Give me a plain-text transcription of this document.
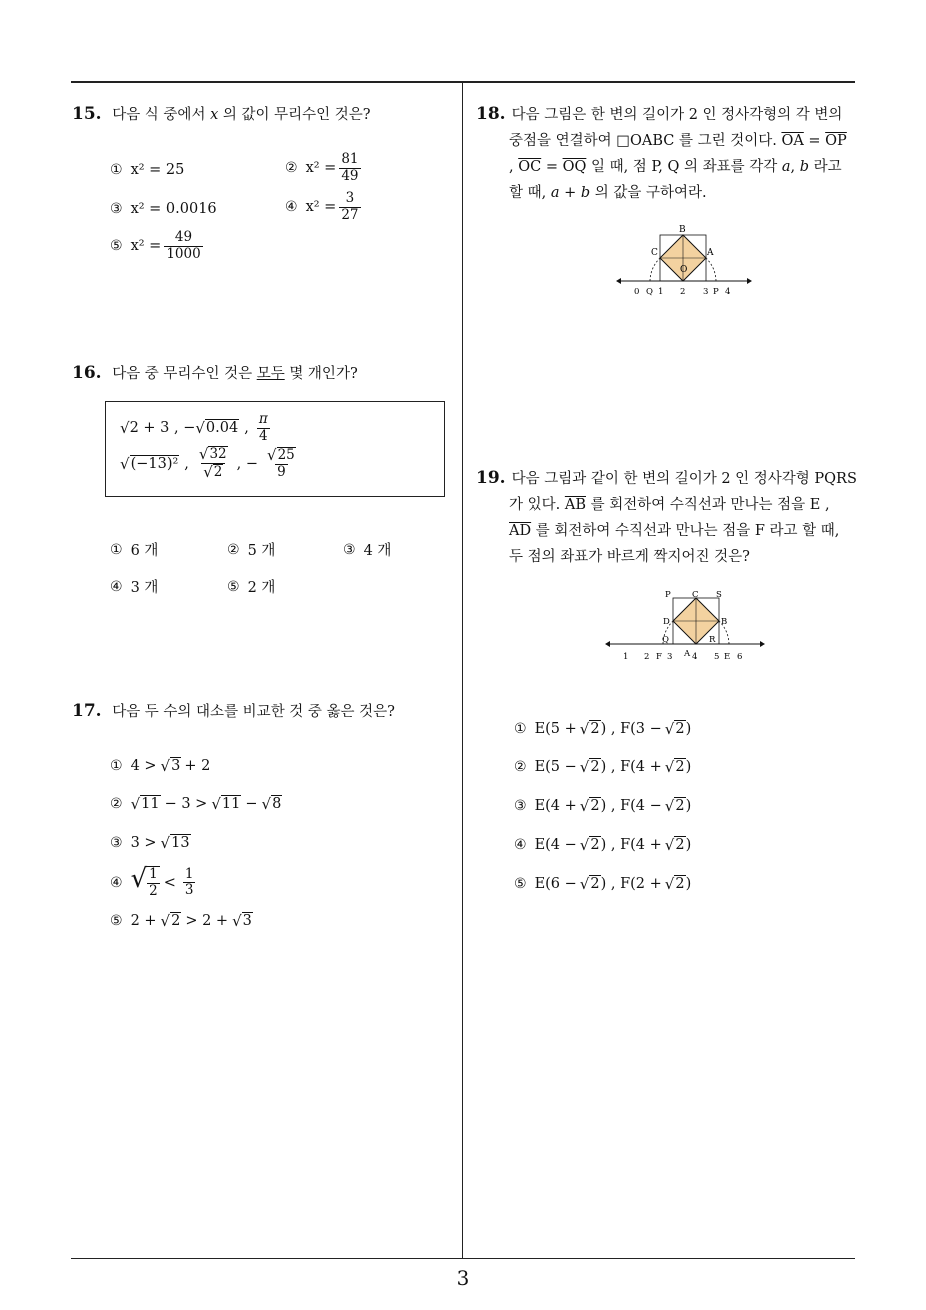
3
15. 다음 식 중에서 x 의 값이 무리수인 것은?
① x² = 25	② $x^2 = \frac{81}{49}$
③ x² = 0.0016	④ $x^2 = \frac{3}{27}$
⑤ $x^2 = \frac{49}{1000}$
16. 다음 중 무리수인 것은 모두 몇 개인가?
√ 2 + 3 , − √ 0.04 , $\frac{\pi}{4}$
√ (−13)² , $\frac{√ 32}{√ 2}$ , − $\frac{√ 25}{9}$
① 6 개	② 5 개	③ 4 개
④ 3 개	⑤ 2 개
17. 다음 두 수의 대소를 비교한 것 중 옳은 것은?
① 4 > √ 3 + 2
② √ 11 − 3 > √ 11 − √ 8
③ 3 > √ 13
④ √ $\frac{1}{2} < \frac{1}{3}$
⑤ 2 + √ 2 > 2 + √ 3
18. 다음 그림은 한 변의 길이가 2 인 정사각형의 각 변의
중점을 연결하여 □OABC 를 그린 것이다. $\overline{OA} = \overline{OP}$
, $\overline{OC} = \overline{OQ}$ 일 때, 점 P, Q 의 좌표를 각각 a, b 라고
할 때, a + b 의 값을 구하여라.
B
C	A
O
0 Q 1 2 3 P 4
19. 다음 그림과 같이 한 변의 길이가 2 인 정사각형 PQRS
가 있다. $\overline{AB}$ 를 회전하여 수직선과 만나는 점을 E ,
$\overline{AD}$ 를 회전하여 수직선과 만나는 점을 F 라고 할 때,
두 점의 좌표가 바르게 짝지어진 것은?
P	C S
D	B
Q	R
A
1 2 F 3 4 5 E 6
① E(5 + √ 2 ) , F(3 − √ 2 )
② E(5 − √ 2 ) , F(4 + √ 2 )
③ E(4 + √ 2 ) , F(4 − √ 2 )
④ E(4 − √ 2 ) , F(4 + √ 2 )
⑤ E(6 − √ 2 ) , F(2 + √ 2 )
